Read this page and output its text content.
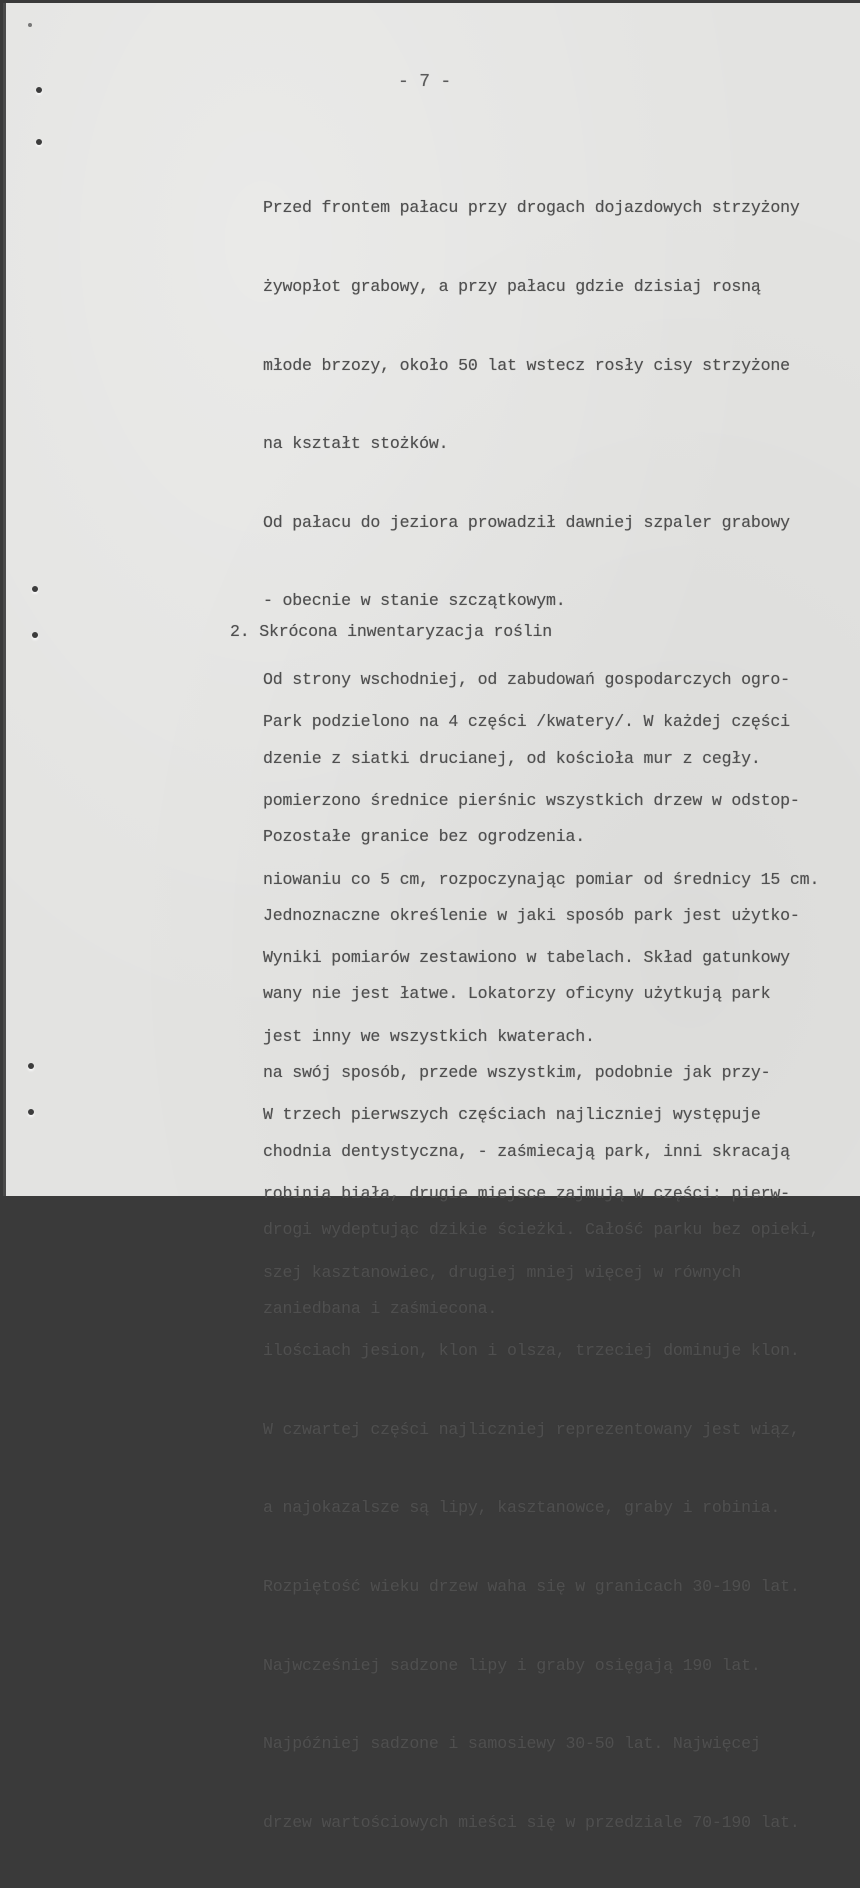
- 7 -

Przed frontem pałacu przy drogach dojazdowych strzyżony

żywopłot grabowy, a przy pałacu gdzie dzisiaj rosną

młode brzozy, około 50 lat wstecz rosły cisy strzyżone

na kształt stożków.

Od pałacu do jeziora prowadził dawniej szpaler grabowy

- obecnie w stanie szczątkowym.

Od strony wschodniej, od zabudowań gospodarczych ogro-

dzenie z siatki drucianej, od kościoła mur z cegły.

Pozostałe granice bez ogrodzenia.

Jednoznaczne określenie w jaki sposób park jest użytko-

wany nie jest łatwe. Lokatorzy oficyny użytkują park

na swój sposób, przede wszystkim, podobnie jak przy-

chodnia dentystyczna, - zaśmiecają park, inni skracają

drogi wydeptując dzikie ścieżki. Całość parku bez opieki,

zaniedbana i zaśmiecona.

2. Skrócona inwentaryzacja roślin

Park podzielono na 4 części /kwatery/. W każdej części

pomierzono średnice pierśnic wszystkich drzew w odstop-

niowaniu co 5 cm, rozpoczynając pomiar od średnicy 15 cm.

Wyniki pomiarów zestawiono w tabelach. Skład gatunkowy

jest inny we wszystkich kwaterach.

W trzech pierwszych częściach najliczniej występuje

robinia biała, drugie miejsce zajmują w części: pierw-

szej kasztanowiec, drugiej mniej więcej w równych

ilościach jesion, klon i olsza, trzeciej dominuje klon.

W czwartej części najliczniej reprezentowany jest wiąz,

a najokazalsze są lipy, kasztanowce, graby i robinia.

Rozpiętość wieku drzew waha się w granicach 30-190 lat.

Najwcześniej sadzone lipy i graby osięgają 190 lat.

Najpóźniej sadzone i samosiewy 30-50 lat. Najwięcej

drzew wartościowych mieści się w przedziale 70-190 lat.
